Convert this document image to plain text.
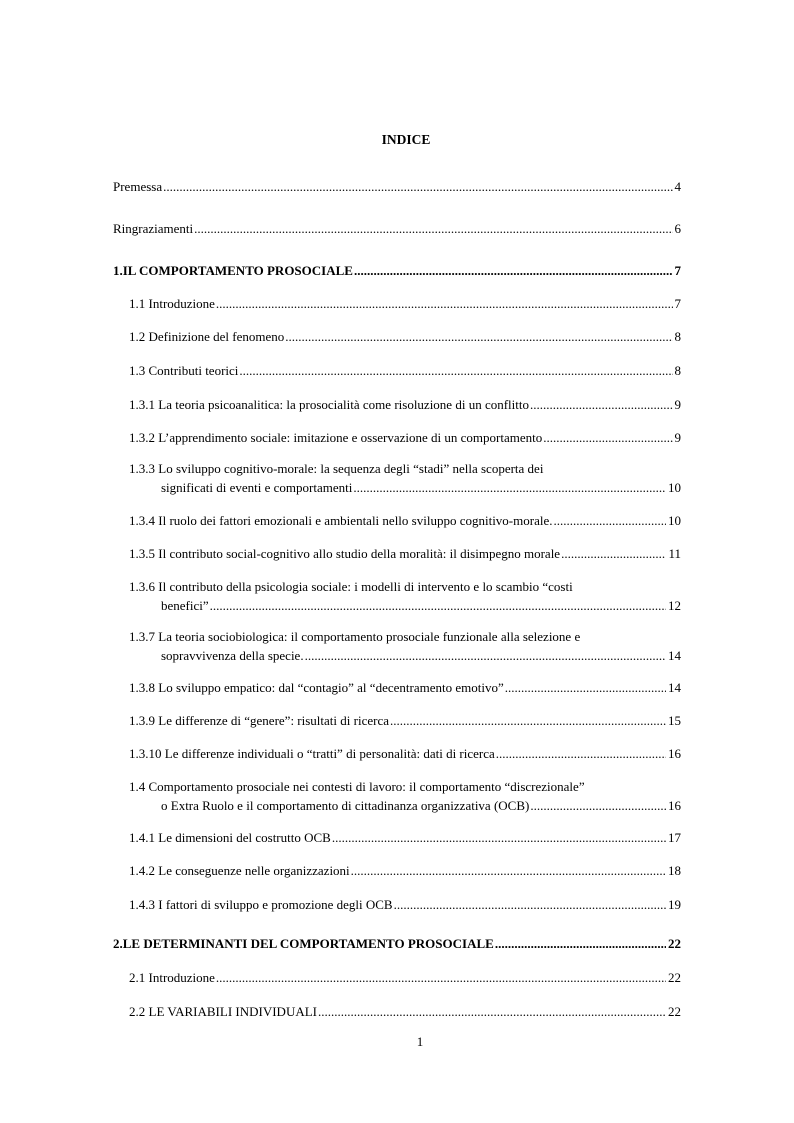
INDICE
Premessa .....	4
Ringraziamenti .....	6
1. IL COMPORTAMENTO PROSOCIALE .....	7
1.1 Introduzione .....	7
1.2 Definizione del fenomeno .....	8
1.3 Contributi teorici .....	8
1.3.1 La teoria psicoanalitica: la prosocialità come risoluzione di un conflitto .....	9
1.3.2 L’apprendimento sociale: imitazione e osservazione di un comportamento .....	9
1.3.3 Lo sviluppo cognitivo-morale: la sequenza degli “stadi” nella scoperta dei
significati di eventi e comportamenti .....	10
1.3.4 Il ruolo dei fattori emozionali e ambientali nello sviluppo cognitivo-morale. .....	10
1.3.5 Il contributo social-cognitivo allo studio della moralità: il disimpegno morale .....	11
1.3.6 Il contributo della psicologia sociale: i modelli di intervento e lo scambio “costi
benefici” .....	12
1.3.7 La teoria sociobiologica: il comportamento prosociale funzionale alla selezione e
sopravvivenza della specie. .....	14
1.3.8 Lo sviluppo empatico: dal “contagio” al “decentramento emotivo” .....	14
1.3.9 Le differenze di “genere”: risultati di ricerca .....	15
1.3.10 Le differenze individuali o “tratti” di personalità: dati di ricerca .....	16
1.4 Comportamento prosociale nei contesti di lavoro: il comportamento “discrezionale”
o Extra Ruolo e il comportamento di cittadinanza organizzativa (OCB) .....	16
1.4.1 Le dimensioni del costrutto OCB .....	17
1.4.2 Le conseguenze nelle organizzazioni .....	18
1.4.3 I fattori di sviluppo e promozione degli OCB .....	19
2. LE DETERMINANTI DEL COMPORTAMENTO PROSOCIALE .....	22
2.1 Introduzione .....	22
2.2 LE VARIABILI INDIVIDUALI .....	22
1
